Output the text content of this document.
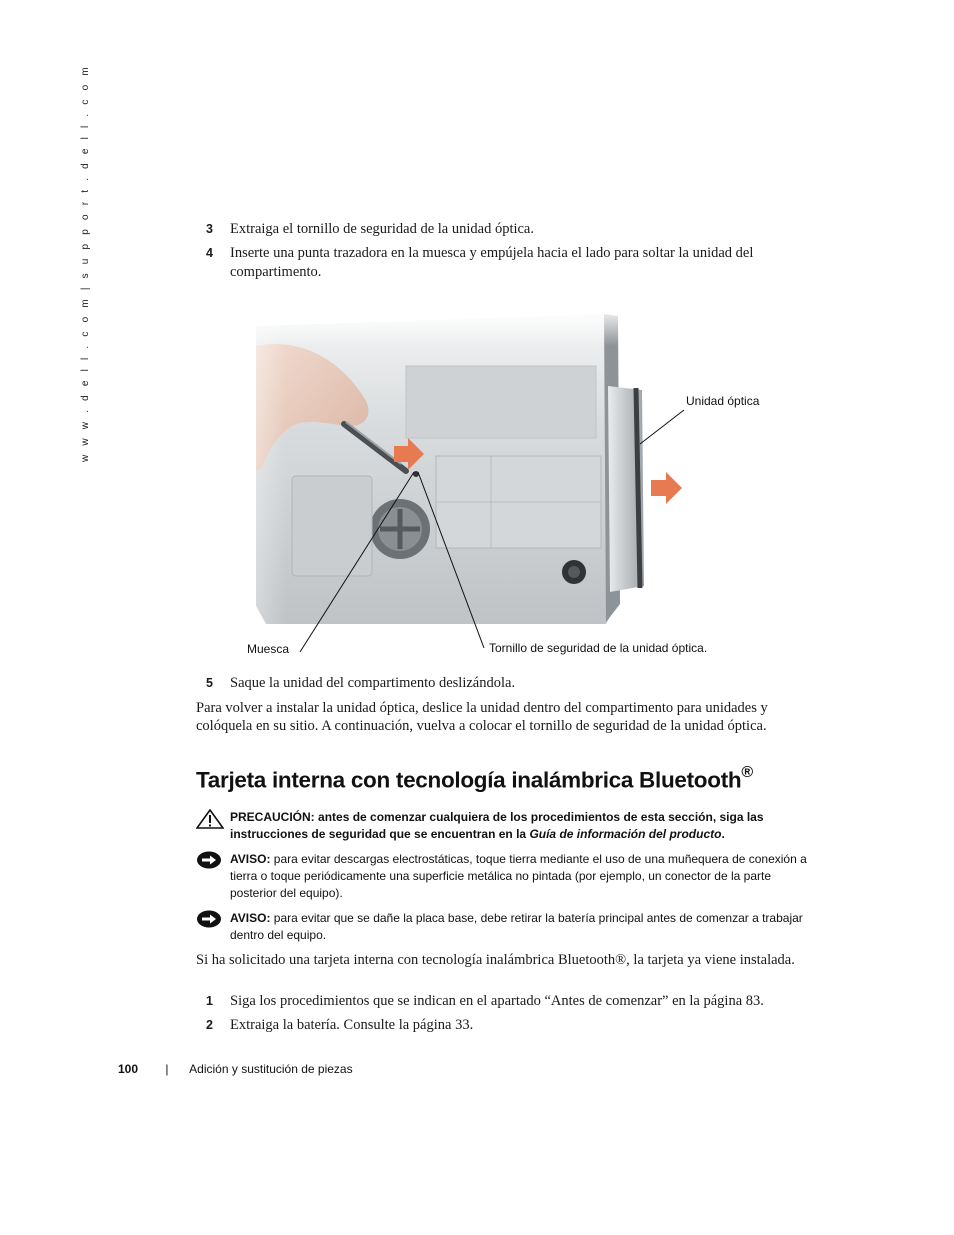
w w w . d e l l . c o m | s u p p o r t . d e l l . c o m	3 Extraiga el tornillo de seguridad de la unidad óptica.
4 Inserte una punta trazadora en la muesca y empújela hacia el lado para soltar la unidad del compartimento.
Unidad óptica
Muesca	Tornillo de seguridad de la unidad óptica.
5 Saque la unidad del compartimento deslizándola.
Para volver a instalar la unidad óptica, deslice la unidad dentro del compartimento para unidades y colóquela en su sitio. A continuación, vuelva a colocar el tornillo de seguridad de la unidad óptica.
Tarjeta interna con tecnología inalámbrica Bluetooth®
PRECAUCIÓN: antes de comenzar cualquiera de los procedimientos de esta sección, siga las instrucciones de seguridad que se encuentran en la Guía de información del producto.
AVISO: para evitar descargas electrostáticas, toque tierra mediante el uso de una muñequera de conexión a tierra o toque periódicamente una superficie metálica no pintada (por ejemplo, un conector de la parte posterior del equipo).
AVISO: para evitar que se dañe la placa base, debe retirar la batería principal antes de comenzar a trabajar dentro del equipo.
Si ha solicitado una tarjeta interna con tecnología inalámbrica Bluetooth®, la tarjeta ya viene instalada.
1 Siga los procedimientos que se indican en el apartado “Antes de comenzar” en la página 83.
2 Extraiga la batería. Consulte la página 33.
100 | Adición y sustitución de piezas
